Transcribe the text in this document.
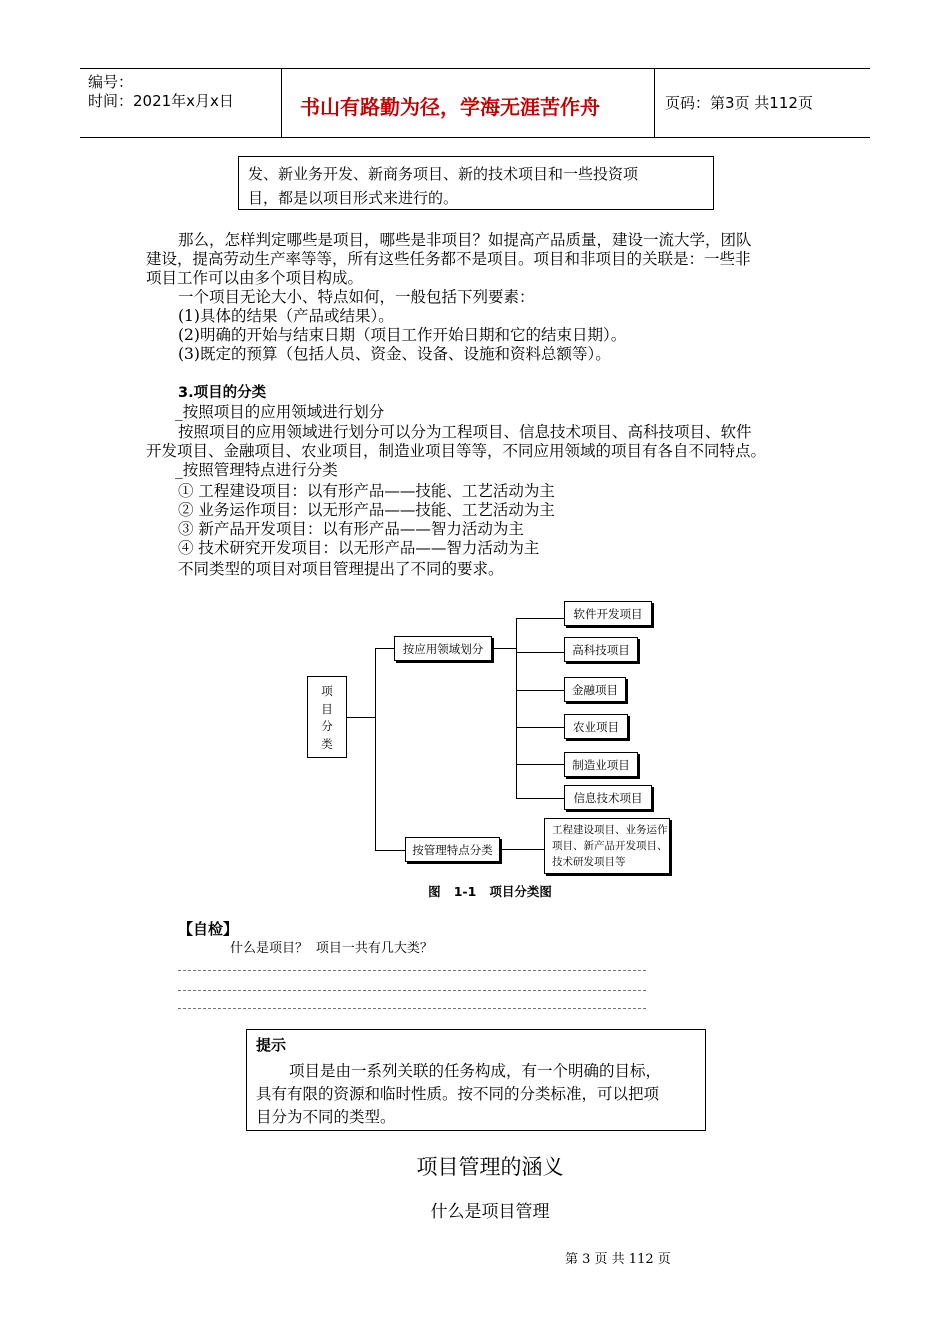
编号：
时间：2021年x月x日	书山有路勤为径，学海无涯苦作舟	页码：第3页 共112页
发、新业务开发、新商务项目、新的技术项目和一些投资项
目，都是以项目形式来进行的。
那么，怎样判定哪些是项目，哪些是非项目？如提高产品质量，建设一流大学，团队
建设，提高劳动生产率等等，所有这些任务都不是项目。项目和非项目的关联是：一些非
项目工作可以由多个项目构成。
一个项目无论大小、特点如何，一般包括下列要素：
(1)具体的结果（产品或结果）。
(2)明确的开始与结束日期（项目工作开始日期和它的结束日期）。
(3)既定的预算（包括人员、资金、设备、设施和资料总额等）。
3.项目的分类
_按照项目的应用领域进行划分
按照项目的应用领域进行划分可以分为工程项目、信息技术项目、高科技项目、软件
开发项目、金融项目、农业项目，制造业项目等等，不同应用领域的项目有各自不同特点。
_按照管理特点进行分类
① 工程建设项目：以有形产品——技能、工艺活动为主
② 业务运作项目：以无形产品——技能、工艺活动为主
③ 新产品开发项目：以有形产品——智力活动为主
④ 技术研究开发项目：以无形产品——智力活动为主
不同类型的项目对项目管理提出了不同的要求。
项
目
分
类
按应用领域划分
按管理特点分类
软件开发项目
高科技项目
金融项目
农业项目
制造业项目
信息技术项目
工程建设项目、业务运作
项目、新产品开发项目、
技术研发项目等
图   1-1   项目分类图
【自检】
什么是项目？ 项目一共有几大类？
提示
项目是由一系列关联的任务构成，有一个明确的目标，
具有有限的资源和临时性质。按不同的分类标准，可以把项
目分为不同的类型。
项目管理的涵义
什么是项目管理
第 3 页 共 112 页
